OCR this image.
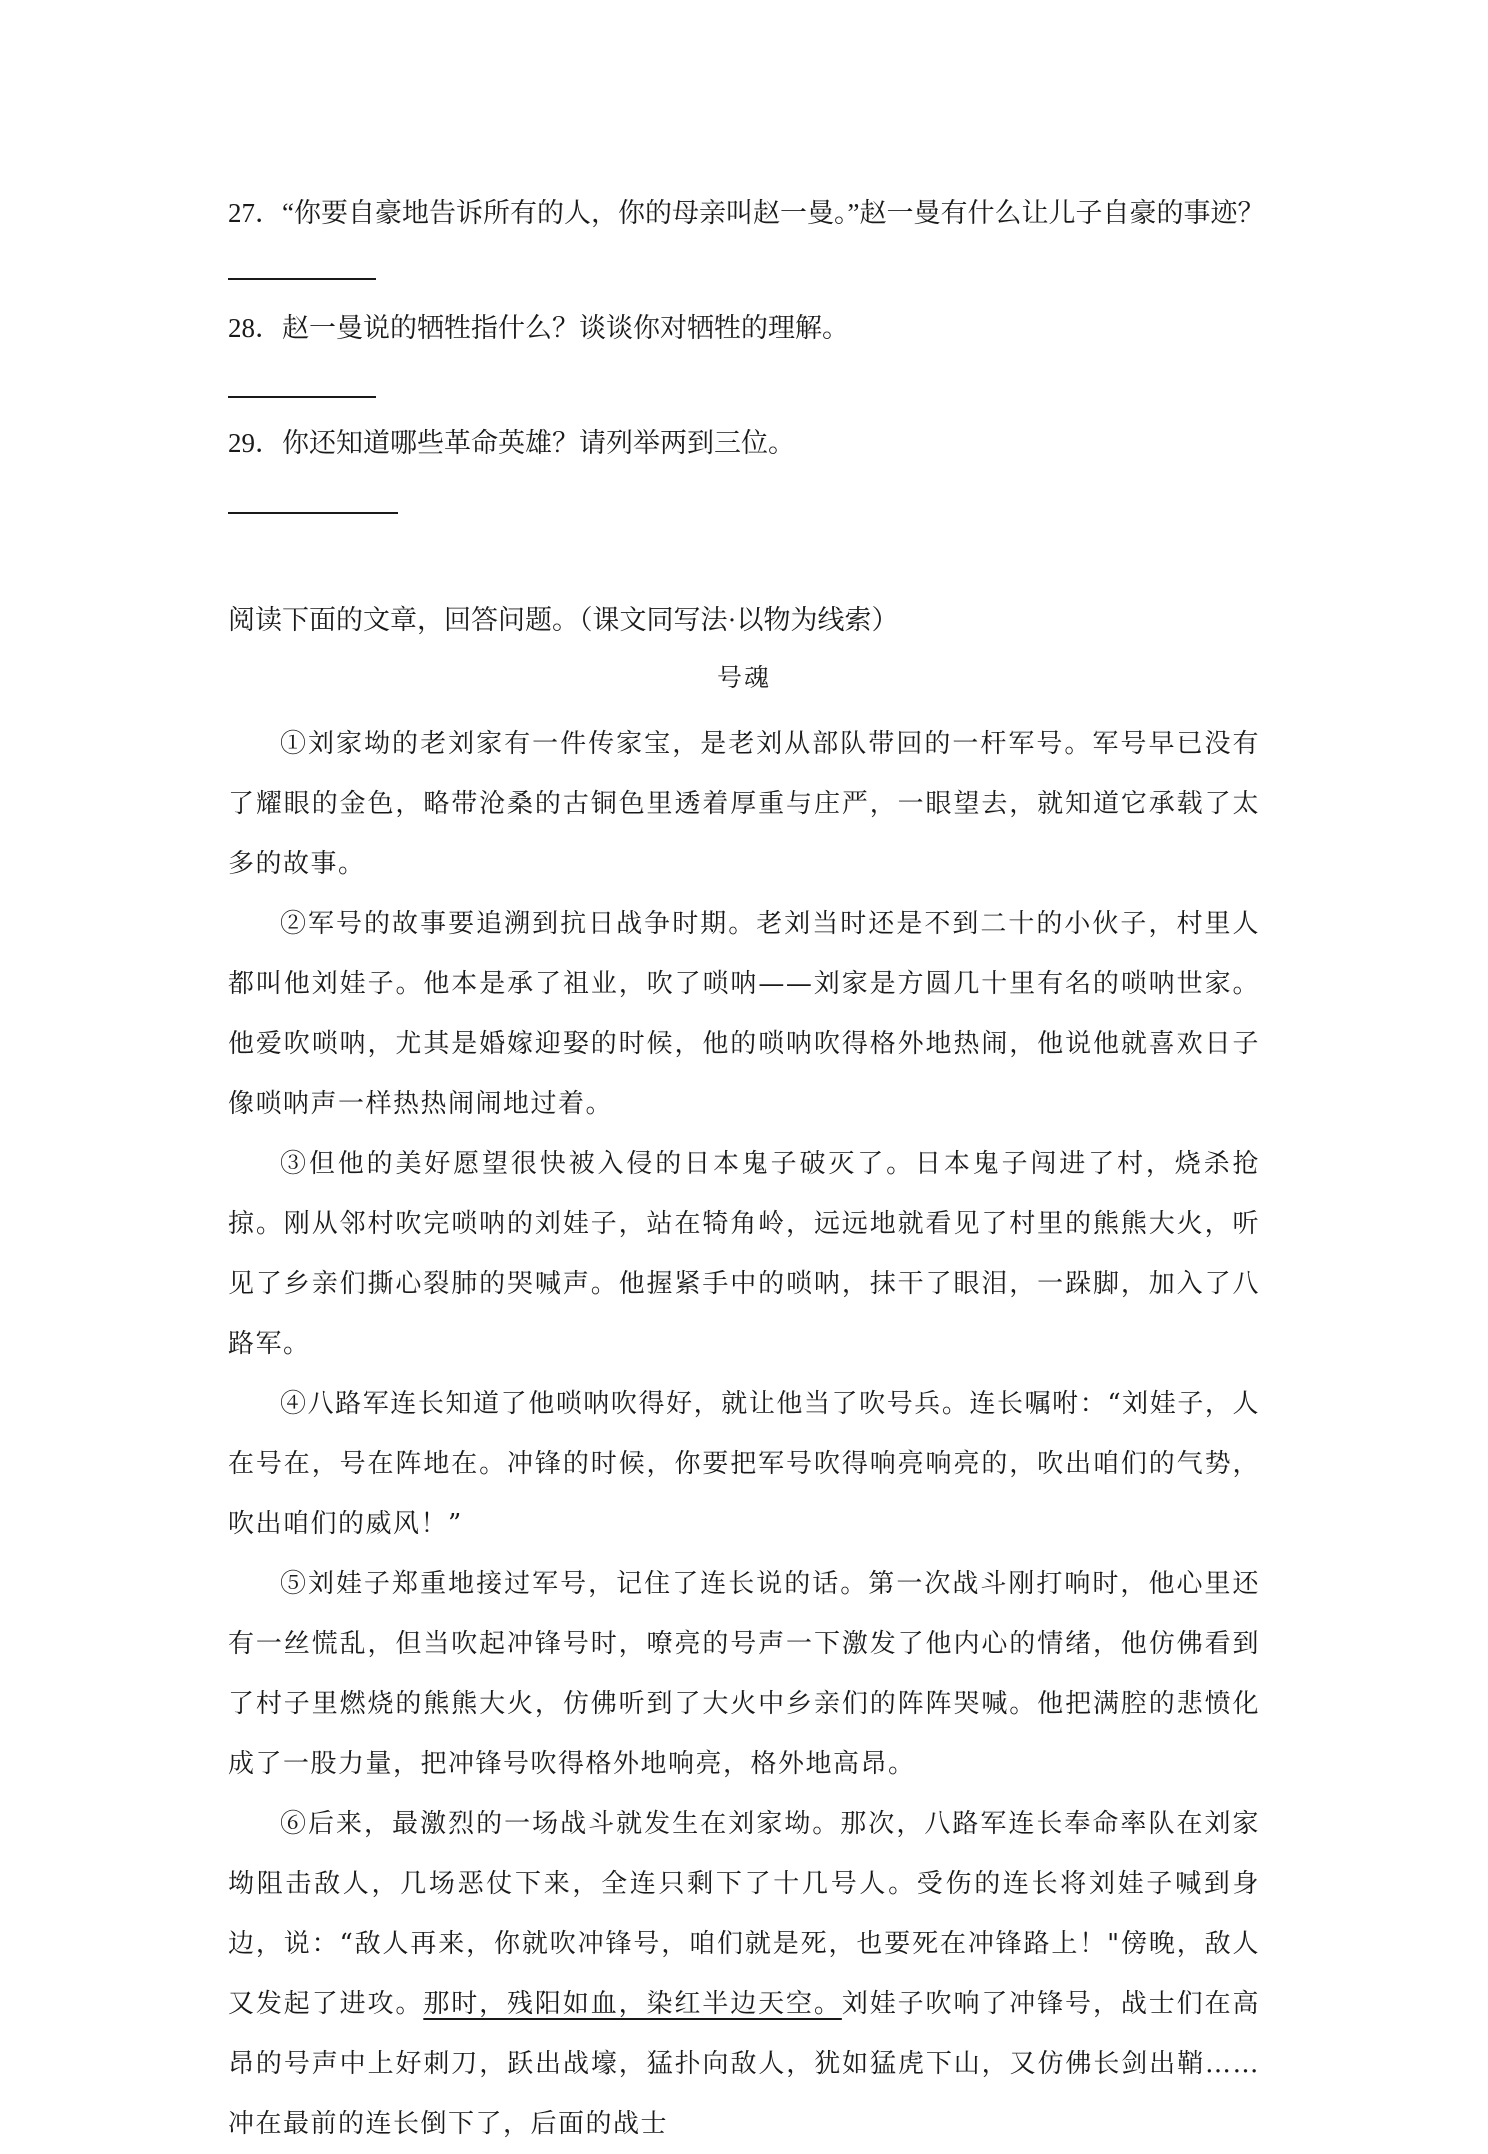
27．“你要自豪地告诉所有的人，你的母亲叫赵一曼。”赵一曼有什么让儿子自豪的事迹？
28．赵一曼说的牺牲指什么？谈谈你对牺牲的理解。
29．你还知道哪些革命英雄？请列举两到三位。
阅读下面的文章，回答问题。（课文同写法·以物为线索）
号魂

①刘家坳的老刘家有一件传家宝，是老刘从部队带回的一杆军号。军号早已没有了耀眼的金色，略带沧桑的古铜色里透着厚重与庄严，一眼望去，就知道它承载了太多的故事。

②军号的故事要追溯到抗日战争时期。老刘当时还是不到二十的小伙子，村里人都叫他刘娃子。他本是承了祖业，吹了唢呐——刘家是方圆几十里有名的唢呐世家。他爱吹唢呐，尤其是婚嫁迎娶的时候，他的唢呐吹得格外地热闹，他说他就喜欢日子像唢呐声一样热热闹闹地过着。

③但他的美好愿望很快被入侵的日本鬼子破灭了。日本鬼子闯进了村，烧杀抢掠。刚从邻村吹完唢呐的刘娃子，站在犄角岭，远远地就看见了村里的熊熊大火，听见了乡亲们撕心裂肺的哭喊声。他握紧手中的唢呐，抹干了眼泪，一跺脚，加入了八路军。

④八路军连长知道了他唢呐吹得好，就让他当了吹号兵。连长嘱咐：“刘娃子，人在号在，号在阵地在。冲锋的时候，你要把军号吹得响亮响亮的，吹出咱们的气势，吹出咱们的威风！”

⑤刘娃子郑重地接过军号，记住了连长说的话。第一次战斗刚打响时，他心里还有一丝慌乱，但当吹起冲锋号时，嘹亮的号声一下激发了他内心的情绪，他仿佛看到了村子里燃烧的熊熊大火，仿佛听到了大火中乡亲们的阵阵哭喊。他把满腔的悲愤化成了一股力量，把冲锋号吹得格外地响亮，格外地高昂。

⑥后来，最激烈的一场战斗就发生在刘家坳。那次，八路军连长奉命率队在刘家坳阻击敌人，几场恶仗下来，全连只剩下了十几号人。受伤的连长将刘娃子喊到身边，说：“敌人再来，你就吹冲锋号，咱们就是死，也要死在冲锋路上！"傍晚，敌人又发起了进攻。那时，残阳如血，染红半边天空。刘娃子吹响了冲锋号，战士们在高昂的号声中上好刺刀，跃出战壕，猛扑向敌人，犹如猛虎下山，又仿佛长剑出鞘……冲在最前的连长倒下了，后面的战士
